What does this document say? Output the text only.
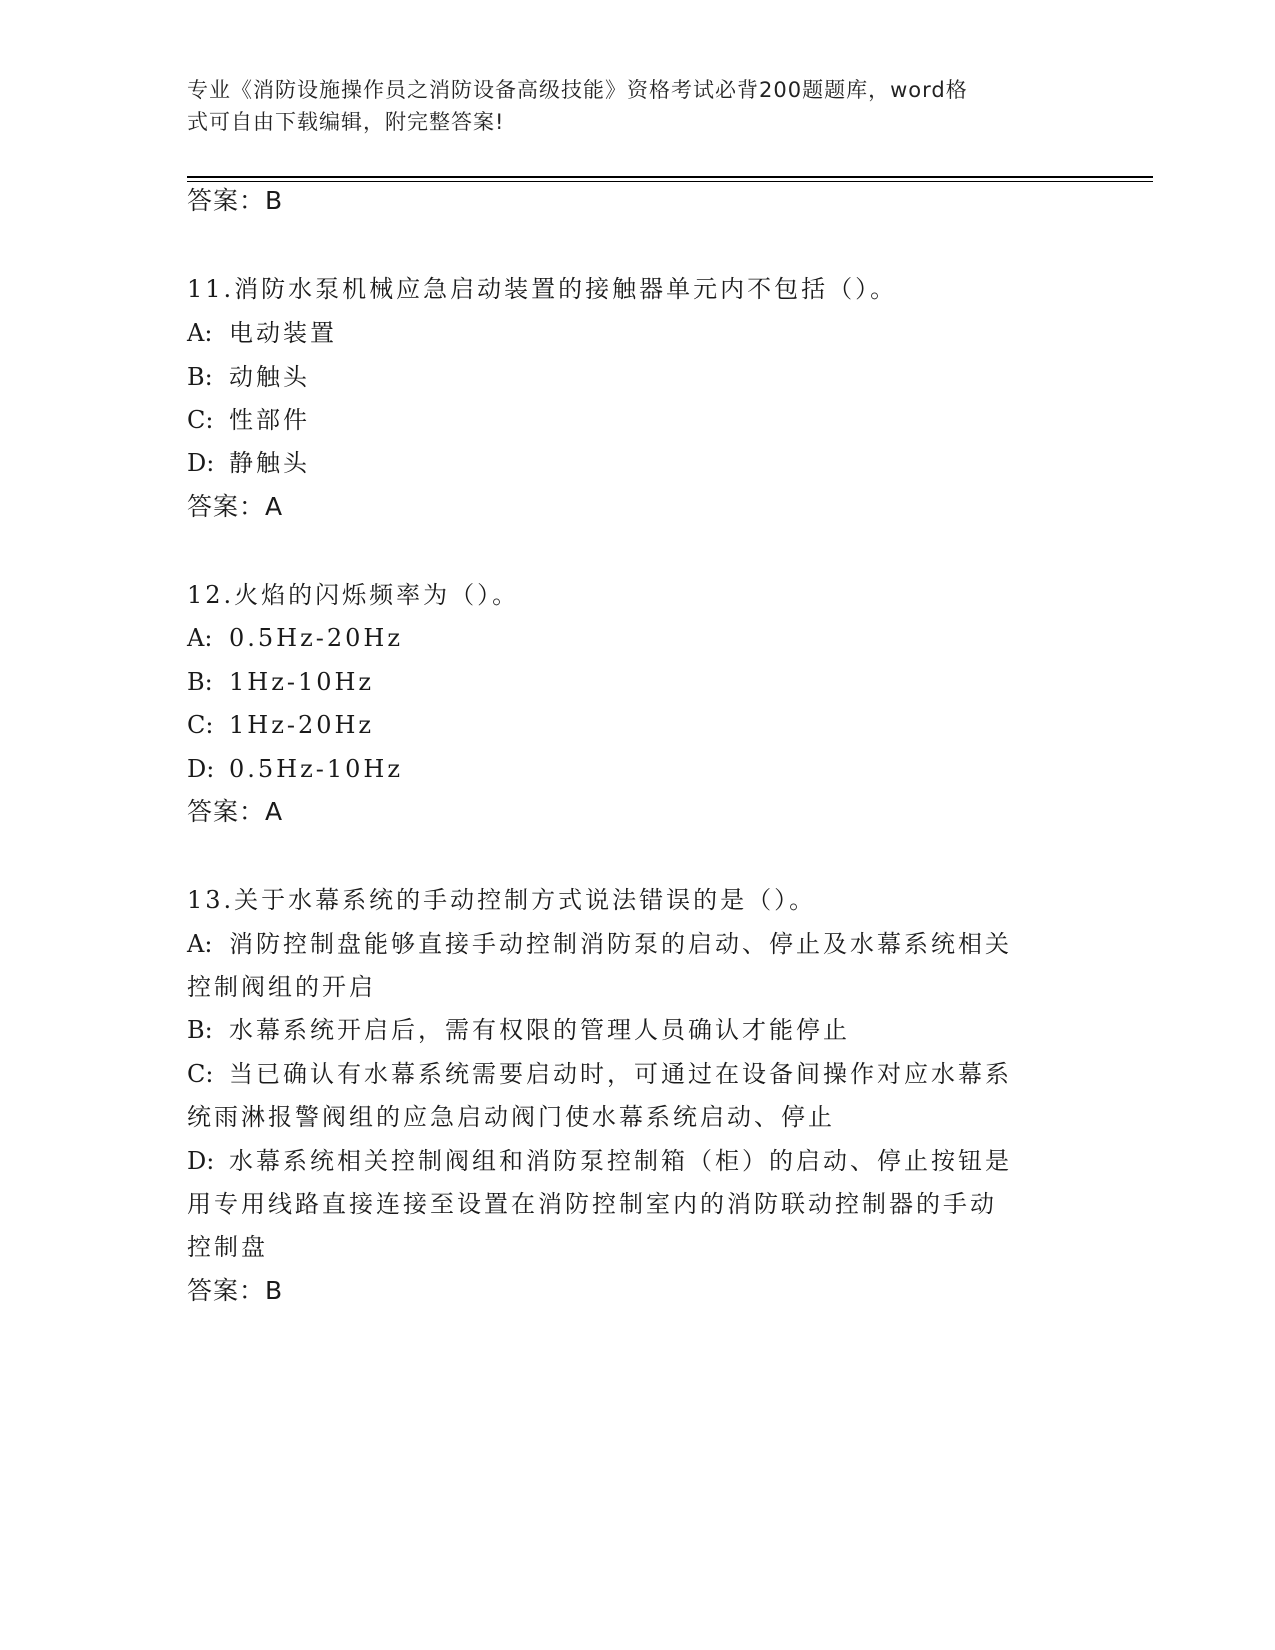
专业《消防设施操作员之消防设备高级技能》资格考试必背200题题库，word格
式可自由下载编辑，附完整答案!
答案：B
11.消防水泵机械应急启动装置的接触器单元内不包括（）。
A: 电动装置
B: 动触头
C: 性部件
D: 静触头
答案：A
12.火焰的闪烁频率为（）。
A: 0.5Hz-20Hz
B: 1Hz-10Hz
C: 1Hz-20Hz
D: 0.5Hz-10Hz
答案：A
13.关于水幕系统的手动控制方式说法错误的是（）。
A: 消防控制盘能够直接手动控制消防泵的启动、停止及水幕系统相关
控制阀组的开启
B: 水幕系统开启后，需有权限的管理人员确认才能停止
C: 当已确认有水幕系统需要启动时，可通过在设备间操作对应水幕系
统雨淋报警阀组的应急启动阀门使水幕系统启动、停止
D: 水幕系统相关控制阀组和消防泵控制箱（柜）的启动、停止按钮是
用专用线路直接连接至设置在消防控制室内的消防联动控制器的手动
控制盘
答案：B
